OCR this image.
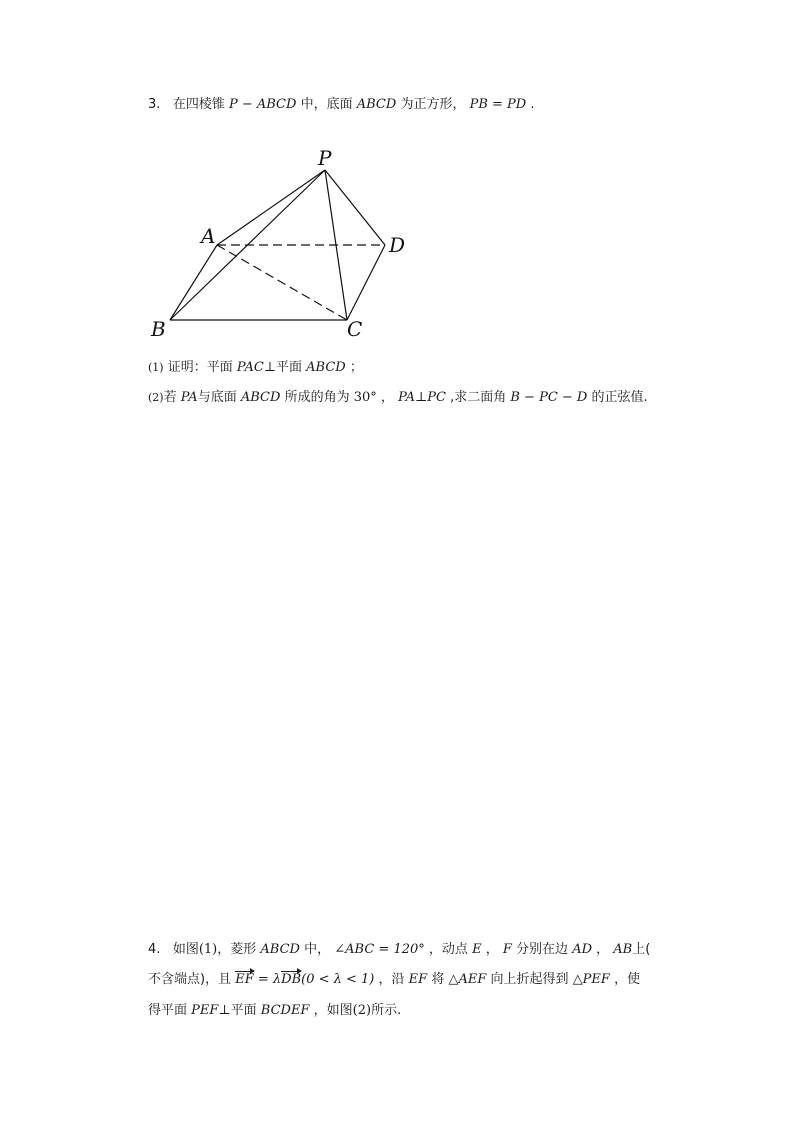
3. 在四棱锥 P − ABCD 中，底面 ABCD 为正方形， PB = PD .
P
A
B	C
D
(1) 证明：平面 PAC⊥平面 ABCD ；
(2)若 PA与底面 ABCD 所成的角为 30° ， PA⊥PC ,求二面角 B − PC − D 的正弦值.
4. 如图(1)，菱形 ABCD 中， ∠ABC = 120° ，动点 E ， F 分别在边 AD ， AB上(
不含端点)，且 EF = λDB(0 < λ < 1) ，沿 EF 将 △AEF 向上折起得到 △PEF ，使
得平面 PEF⊥平面 BCDEF ，如图(2)所示.
